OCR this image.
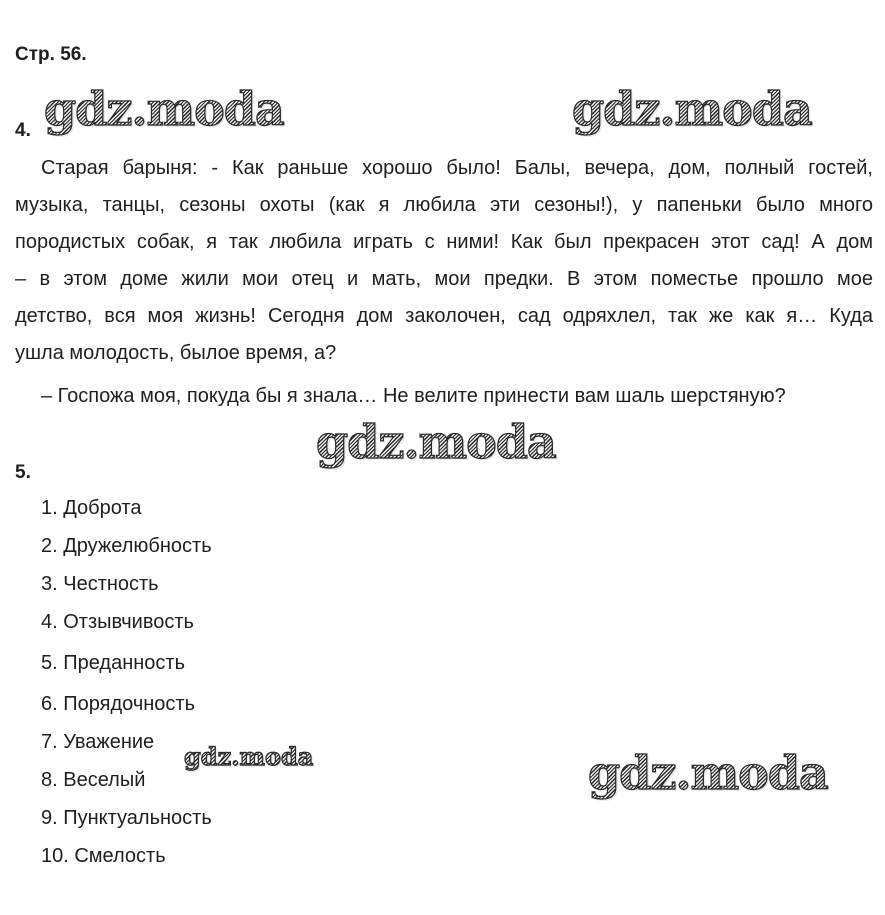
Стр. 56.
4.
Старая барыня: - Как раньше хорошо было! Балы, вечера, дом, полный гостей,
музыка, танцы, сезоны охоты (как я любила эти сезоны!), у папеньки было много
породистых собак, я так любила играть с ними! Как был прекрасен этот сад! А дом
– в этом доме жили мои отец и мать, мои предки. В этом поместье прошло мое
детство, вся моя жизнь! Сегодня дом заколочен, сад одряхлел, так же как я… Куда
ушла молодость, былое время, а?
– Госпожа моя, покуда бы я знала… Не велите принести вам шаль шерстяную?
5.
1. Доброта
2. Дружелюбность
3. Честность
4. Отзывчивость
5. Преданность
6. Порядочность
7. Уважение
8. Веселый
9. Пунктуальность
10. Смелость
gdz.moda	gdz.moda
gdz.moda
gdz.moda	gdz.moda
